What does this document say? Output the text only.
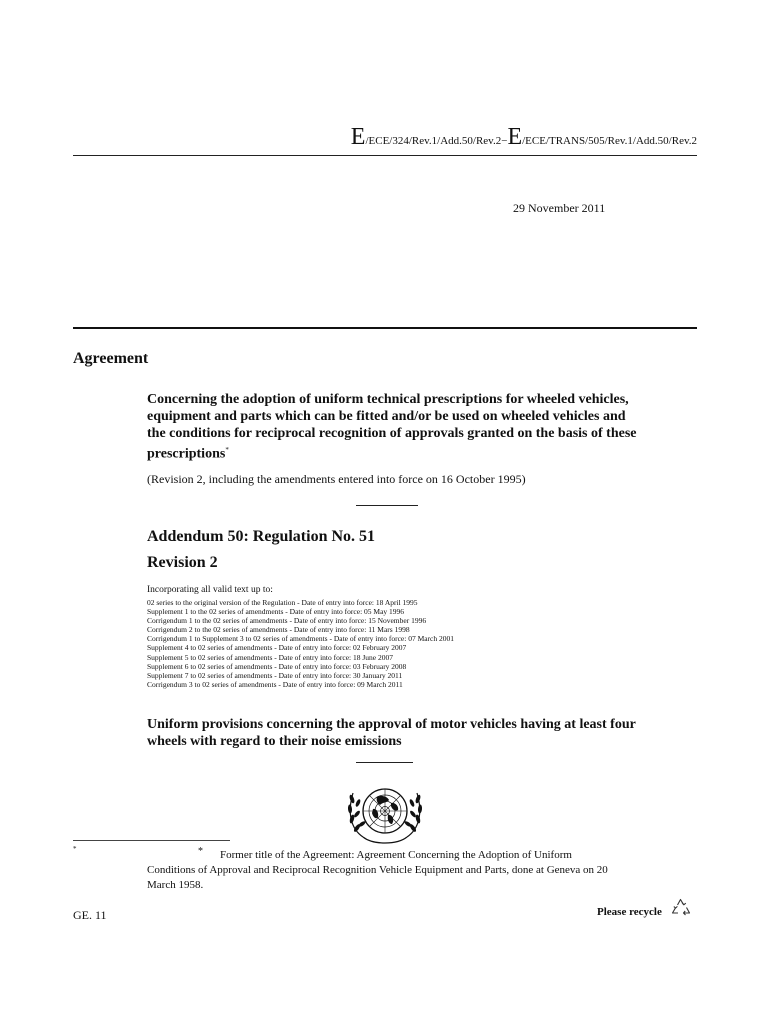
E/ECE/324/Rev.1/Add.50/Rev.2−E/ECE/TRANS/505/Rev.1/Add.50/Rev.2
29 November 2011
Agreement
Concerning the adoption of uniform technical prescriptions for wheeled vehicles, equipment and parts which can be fitted and/or be used on wheeled vehicles and the conditions for reciprocal recognition of approvals granted on the basis of these prescriptions*
(Revision 2, including the amendments entered into force on 16 October 1995)
Addendum 50: Regulation No. 51
Revision 2
Incorporating all valid text up to:
02 series to the original version of the Regulation - Date of entry into force: 18 April 1995
Supplement 1 to the 02 series of amendments - Date of entry into force: 05 May 1996
Corrigendum 1 to the 02 series of amendments - Date of entry into force: 15 November 1996
Corrigendum 2 to the 02 series of amendments - Date of entry into force: 11 Mars 1998
Corrigendum 1 to Supplement 3 to 02 series of amendments - Date of entry into force: 07 March 2001
Supplement 4 to 02 series of amendments - Date of entry into force: 02 February 2007
Supplement 5 to 02 series of amendments - Date of entry into force: 18 June 2007
Supplement 6 to 02 series of amendments - Date of entry into force: 03 February 2008
Supplement 7 to 02 series of amendments - Date of entry into force: 30 January 2011
Corrigendum 3 to 02 series of amendments - Date of entry into force: 09 March 2011
Uniform provisions concerning the approval of motor vehicles having at least four wheels with regard to their noise emissions
*	*	Former title of the Agreement: Agreement Concerning the Adoption of Uniform Conditions of Approval and Reciprocal Recognition Vehicle Equipment and Parts, done at Geneva on 20 March 1958.
GE. 11	Please recycle
